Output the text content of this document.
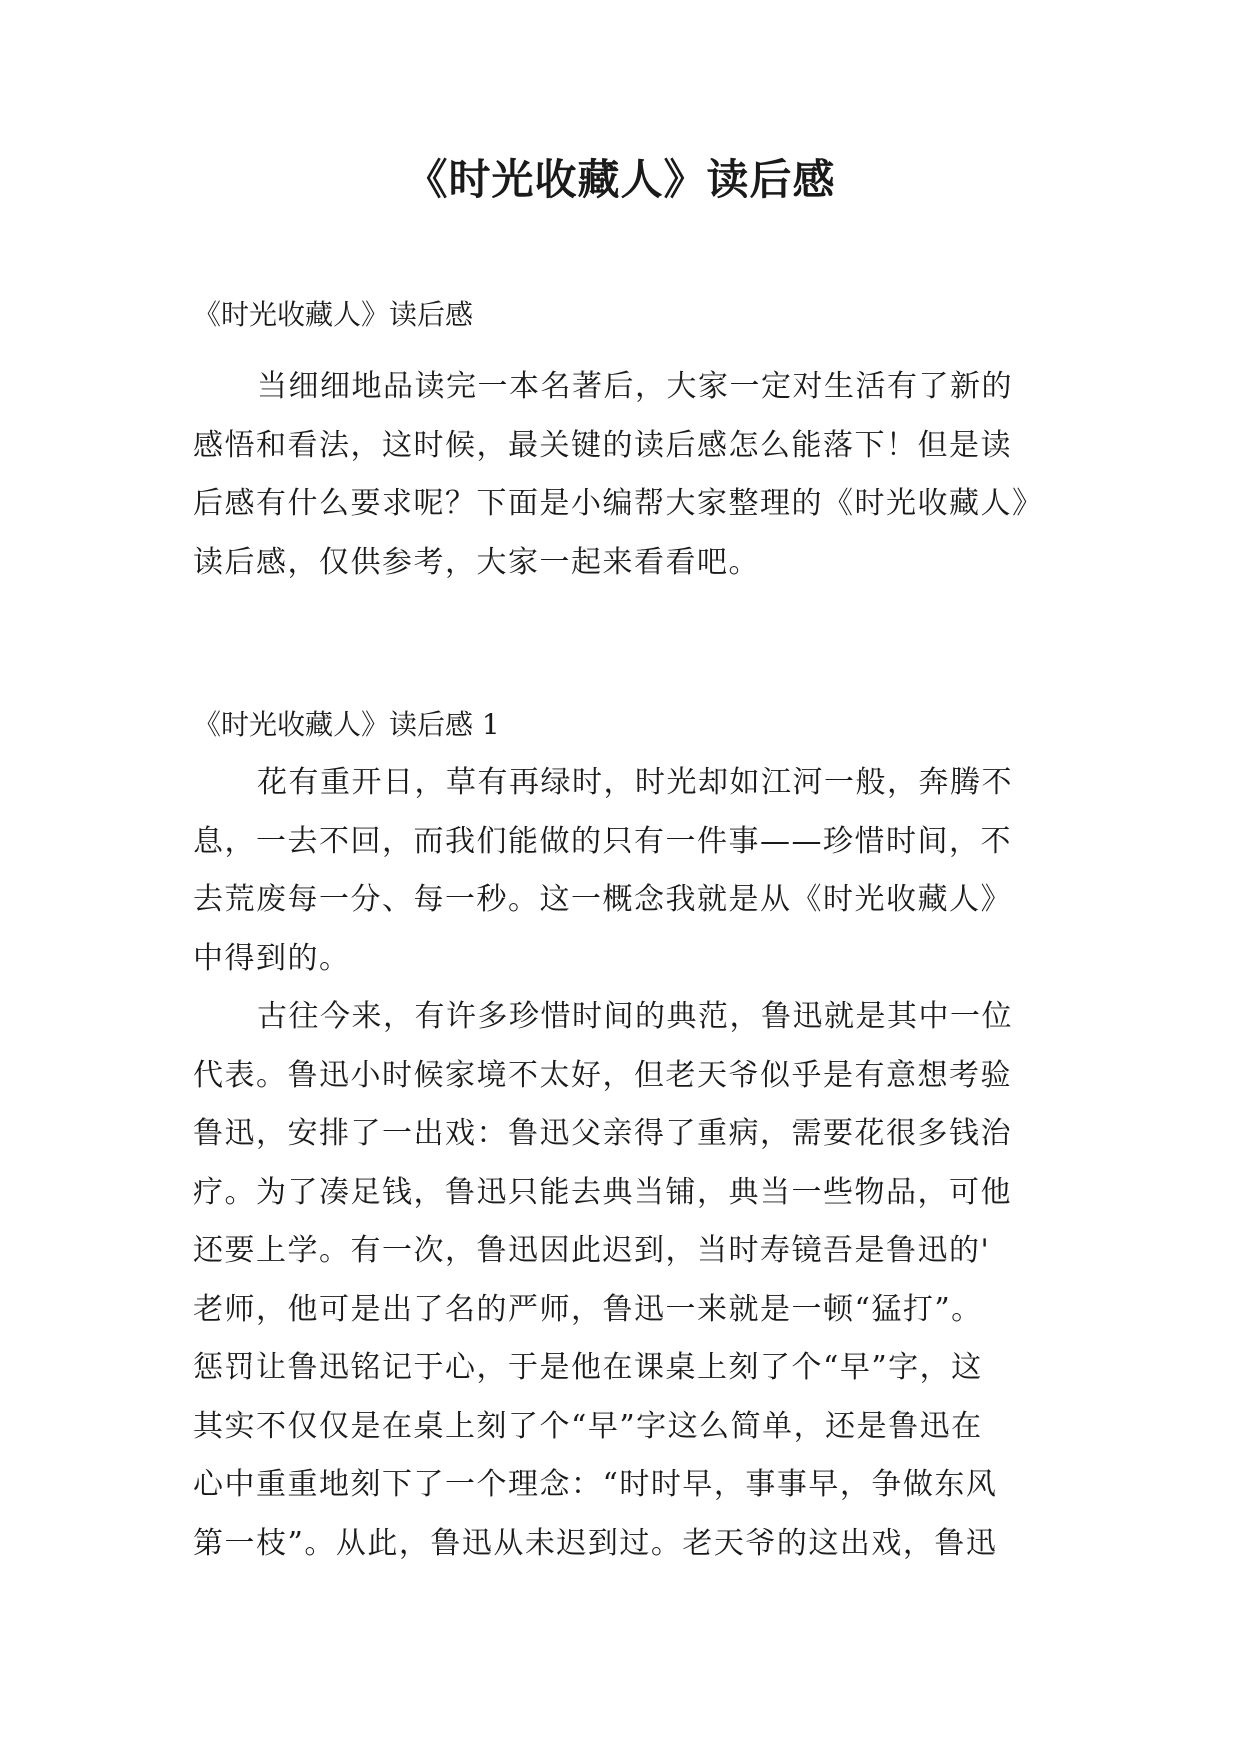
《时光收藏人》读后感
《时光收藏人》读后感

当细细地品读完一本名著后，大家一定对生活有了新的
感悟和看法，这时候，最关键的读后感怎么能落下！但是读
后感有什么要求呢？下面是小编帮大家整理的《时光收藏人》
读后感，仅供参考，大家一起来看看吧。

《时光收藏人》读后感 1

花有重开日，草有再绿时，时光却如江河一般，奔腾不
息，一去不回，而我们能做的只有一件事——珍惜时间，不
去荒废每一分、每一秒。这一概念我就是从《时光收藏人》
中得到的。

古往今来，有许多珍惜时间的典范，鲁迅就是其中一位
代表。鲁迅小时候家境不太好，但老天爷似乎是有意想考验
鲁迅，安排了一出戏：鲁迅父亲得了重病，需要花很多钱治
疗。为了凑足钱，鲁迅只能去典当铺，典当一些物品，可他
还要上学。有一次，鲁迅因此迟到，当时寿镜吾是鲁迅的'
老师，他可是出了名的严师，鲁迅一来就是一顿“猛打”。
惩罚让鲁迅铭记于心，于是他在课桌上刻了个“早”字，这
其实不仅仅是在桌上刻了个“早”字这么简单，还是鲁迅在
心中重重地刻下了一个理念：“时时早，事事早，争做东风
第一枝”。从此，鲁迅从未迟到过。老天爷的这出戏，鲁迅
